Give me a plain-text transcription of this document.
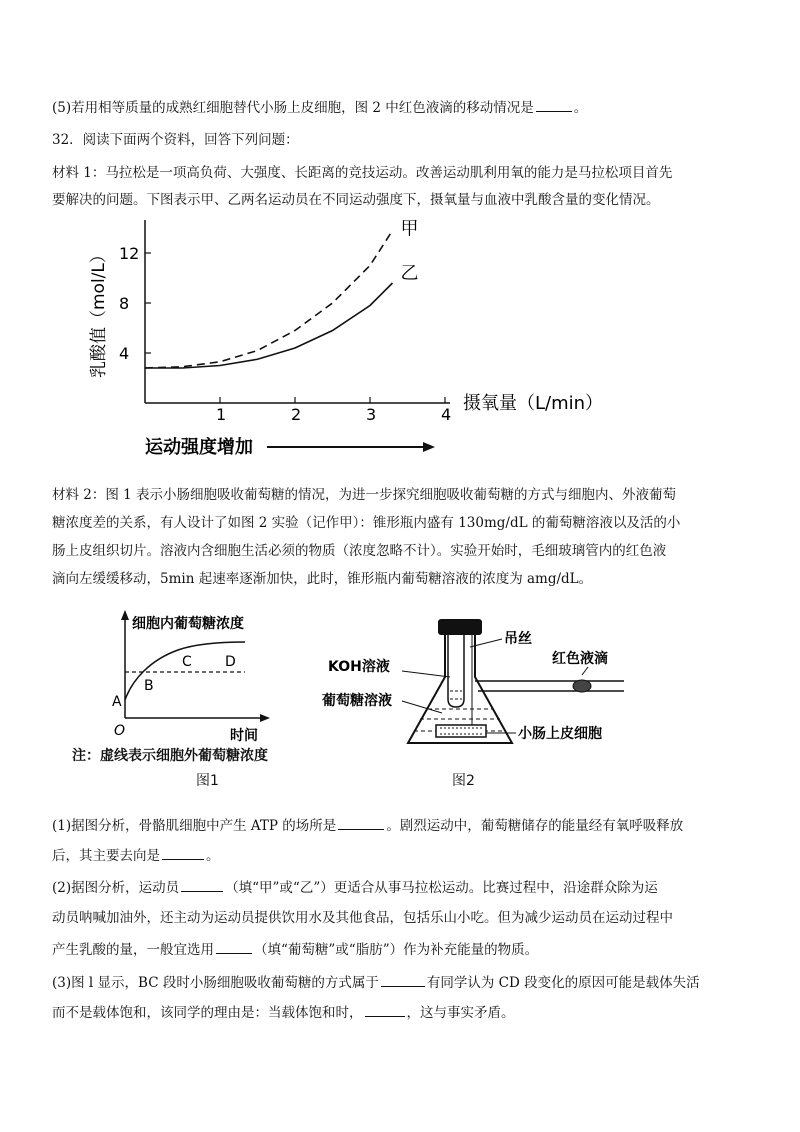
(5)若用相等质量的成熟红细胞替代小肠上皮细胞，图 2 中红色液滴的移动情况是	。
32．阅读下面两个资料，回答下列问题：
材料 1：马拉松是一项高负荷、大强度、长距离的竞技运动。改善运动肌利用氧的能力是马拉松项目首先
要解决的问题。下图表示甲、乙两名运动员在不同运动强度下，摄氧量与血液中乳酸含量的变化情况。
1	2	3	4
4
8
12
甲
乙
乳酸值（mol/L）
摄氧量（L/min）
运动强度增加
材料 2：图 1 表示小肠细胞吸收葡萄糖的情况，为进一步探究细胞吸收葡萄糖的方式与细胞内、外液葡萄
糖浓度差的关系，有人设计了如图 2 实验（记作甲）：锥形瓶内盛有 130mg/dL 的葡萄糖溶液以及活的小
肠上皮组织切片。溶液内含细胞生活必须的物质（浓度忽略不计）。实验开始时，毛细玻璃管内的红色液
滴向左缓缓移动，5min 起速率逐渐加快，此时，锥形瓶内葡萄糖溶液的浓度为 amg/dL。
细胞内葡萄糖浓度
时间
O
A
B
C D
注：虚线表示细胞外葡萄糖浓度
图1
吊丝
KOH溶液	红色液滴
葡萄糖溶液
小肠上皮细胞
图2
(1)据图分析，骨骼肌细胞中产生 ATP 的场所是	。剧烈运动中，葡萄糖储存的能量经有氧呼吸释放
后，其主要去向是	。
(2)据图分析，运动员	（填“甲”或“乙”）更适合从事马拉松运动。比赛过程中，沿途群众除为运
动员呐喊加油外，还主动为运动员提供饮用水及其他食品，包括乐山小吃。但为减少运动员在运动过程中
产生乳酸的量，一般宜选用	（填“葡萄糖”或“脂肪”）作为补充能量的物质。
(3)图 l 显示，BC 段时小肠细胞吸收葡萄糖的方式属于	有同学认为 CD 段变化的原因可能是载体失活
而不是载体饱和，该同学的理由是：当载体饱和时，	，这与事实矛盾。
